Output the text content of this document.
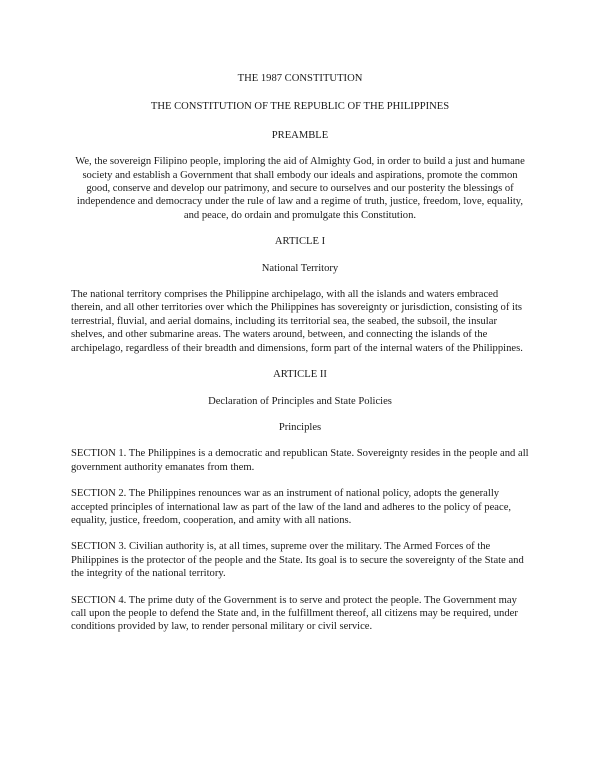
THE 1987 CONSTITUTION

THE CONSTITUTION OF THE REPUBLIC OF THE PHILIPPINES

PREAMBLE

We, the sovereign Filipino people, imploring the aid of Almighty God, in order to build a just and humane society and establish a Government that shall embody our ideals and aspirations, promote the common good, conserve and develop our patrimony, and secure to ourselves and our posterity the blessings of independence and democracy under the rule of law and a regime of truth, justice, freedom, love, equality, and peace, do ordain and promulgate this Constitution.

ARTICLE I

National Territory

The national territory comprises the Philippine archipelago, with all the islands and waters embraced therein, and all other territories over which the Philippines has sovereignty or jurisdiction, consisting of its terrestrial, fluvial, and aerial domains, including its territorial sea, the seabed, the subsoil, the insular shelves, and other submarine areas. The waters around, between, and connecting the islands of the archipelago, regardless of their breadth and dimensions, form part of the internal waters of the Philippines.

ARTICLE II

Declaration of Principles and State Policies

Principles

SECTION 1. The Philippines is a democratic and republican State. Sovereignty resides in the people and all government authority emanates from them.

SECTION 2. The Philippines renounces war as an instrument of national policy, adopts the generally accepted principles of international law as part of the law of the land and adheres to the policy of peace, equality, justice, freedom, cooperation, and amity with all nations.

SECTION 3. Civilian authority is, at all times, supreme over the military. The Armed Forces of the Philippines is the protector of the people and the State. Its goal is to secure the sovereignty of the State and the integrity of the national territory.

SECTION 4. The prime duty of the Government is to serve and protect the people. The Government may call upon the people to defend the State and, in the fulfillment thereof, all citizens may be required, under conditions provided by law, to render personal military or civil service.
